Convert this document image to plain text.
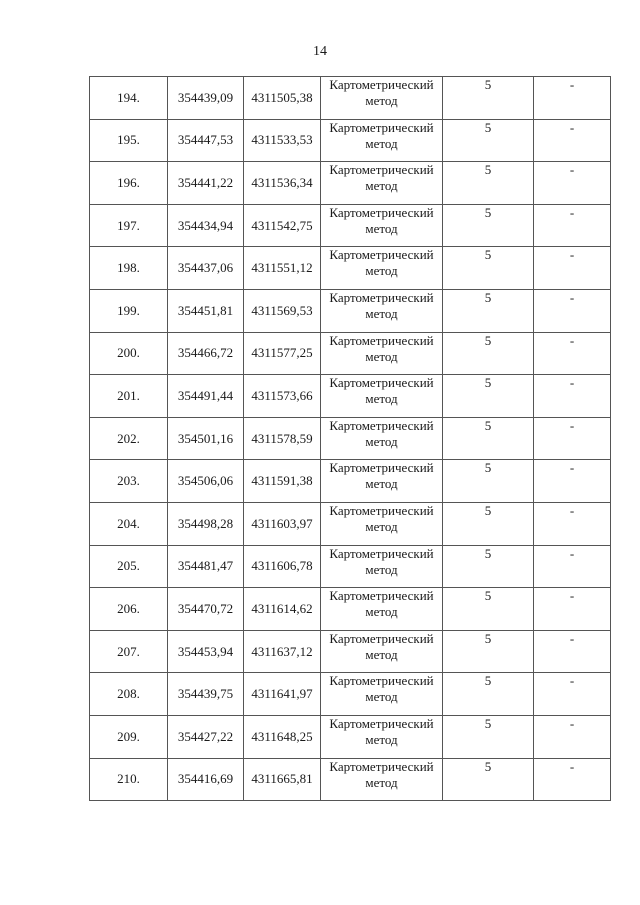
14
194.	354439,09	4311505,38	Картометрический метод	5	-
195.	354447,53	4311533,53	Картометрический метод	5	-
196.	354441,22	4311536,34	Картометрический метод	5	-
197.	354434,94	4311542,75	Картометрический метод	5	-
198.	354437,06	4311551,12	Картометрический метод	5	-
199.	354451,81	4311569,53	Картометрический метод	5	-
200.	354466,72	4311577,25	Картометрический метод	5	-
201.	354491,44	4311573,66	Картометрический метод	5	-
202.	354501,16	4311578,59	Картометрический метод	5	-
203.	354506,06	4311591,38	Картометрический метод	5	-
204.	354498,28	4311603,97	Картометрический метод	5	-
205.	354481,47	4311606,78	Картометрический метод	5	-
206.	354470,72	4311614,62	Картометрический метод	5	-
207.	354453,94	4311637,12	Картометрический метод	5	-
208.	354439,75	4311641,97	Картометрический метод	5	-
209.	354427,22	4311648,25	Картометрический метод	5	-
210.	354416,69	4311665,81	Картометрический метод	5	-
